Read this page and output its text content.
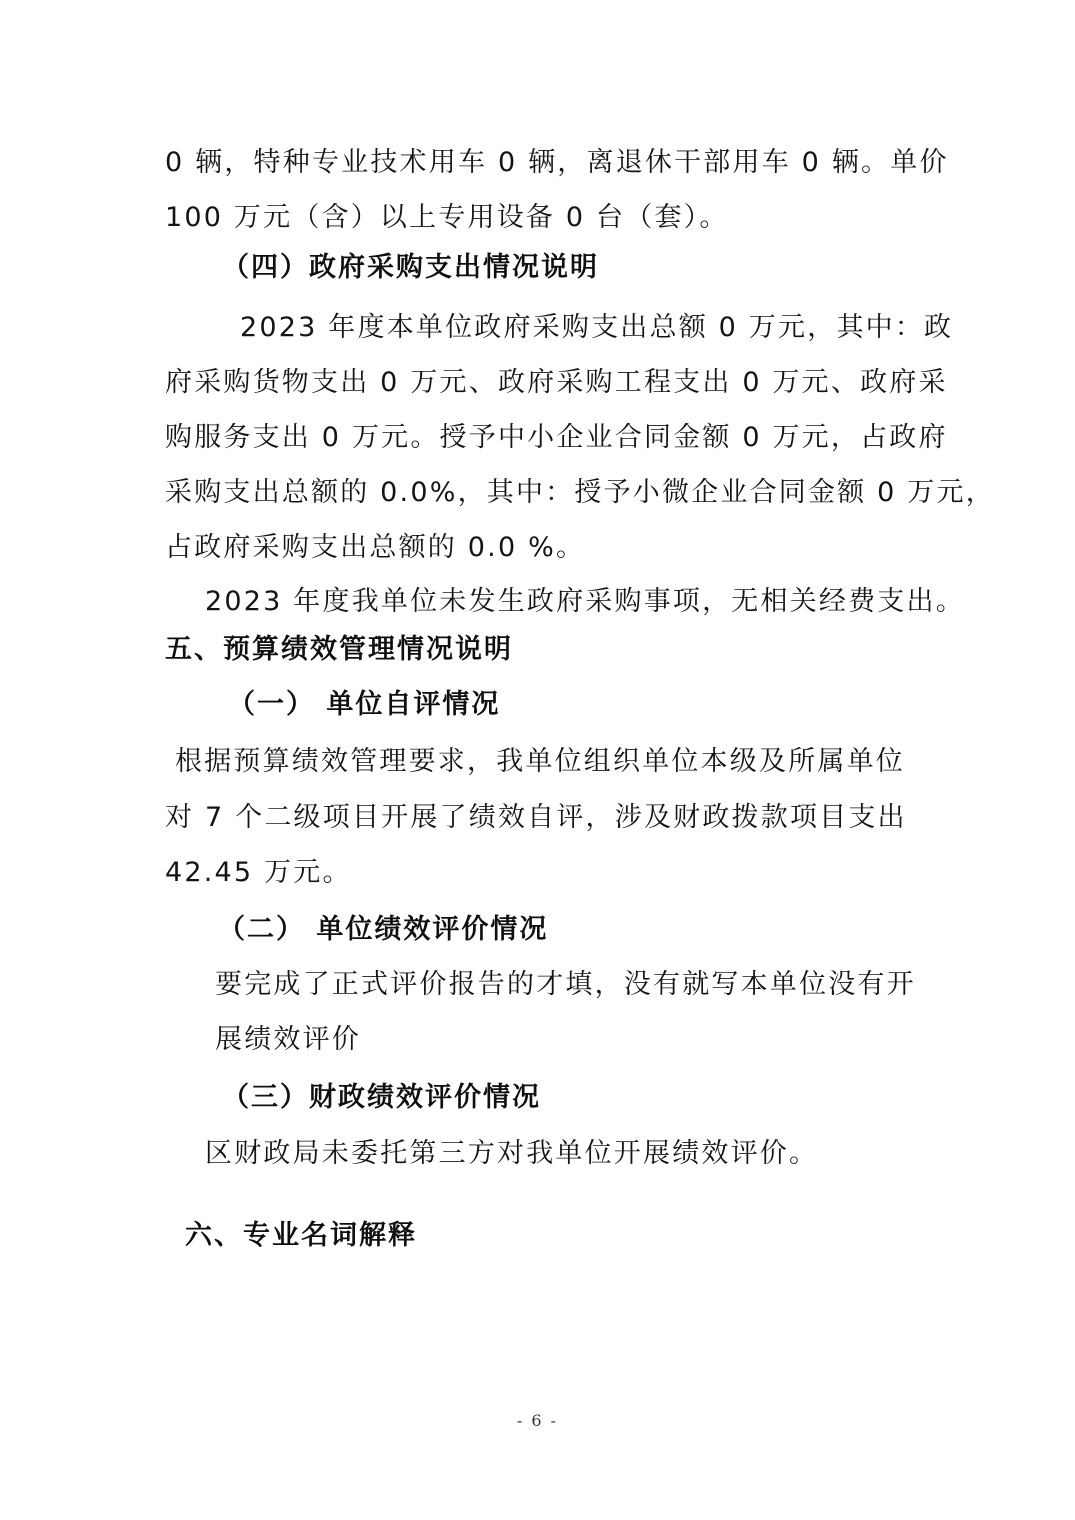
0 辆，特种专业技术用车 0 辆，离退休干部用车 0 辆。单价
100 万元（含）以上专用设备 0 台（套）。
（四）政府采购支出情况说明
2023 年度本单位政府采购支出总额 0 万元，其中：政
府采购货物支出 0 万元、政府采购工程支出 0 万元、政府采
购服务支出 0 万元。授予中小企业合同金额 0 万元，占政府
采购支出总额的 0.0%，其中：授予小微企业合同金额 0 万元，
占政府采购支出总额的 0.0 %。
2023 年度我单位未发生政府采购事项，无相关经费支出。
五、预算绩效管理情况说明
（一） 单位自评情况
根据预算绩效管理要求，我单位组织单位本级及所属单位
对 7 个二级项目开展了绩效自评，涉及财政拨款项目支出
42.45 万元。
（二） 单位绩效评价情况
要完成了正式评价报告的才填，没有就写本单位没有开
展绩效评价
（三）财政绩效评价情况
区财政局未委托第三方对我单位开展绩效评价。
六、专业名词解释
- 6 -
